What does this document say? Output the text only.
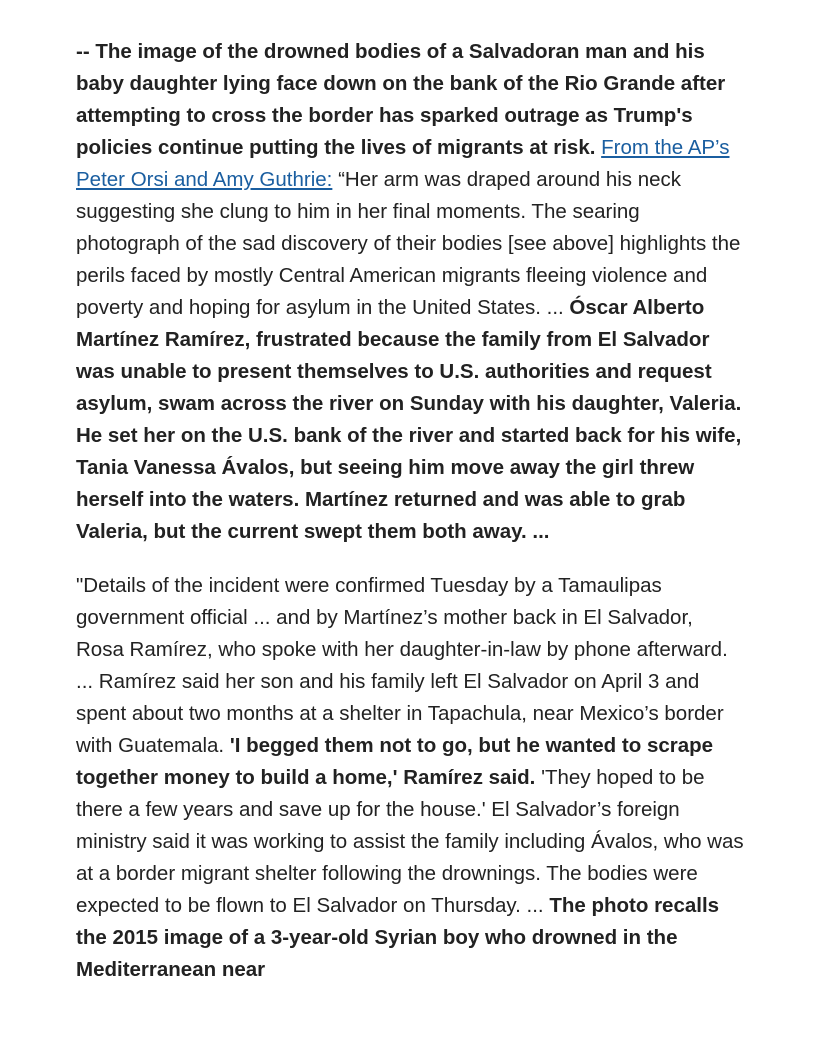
-- The image of the drowned bodies of a Salvadoran man and his baby daughter lying face down on the bank of the Rio Grande after attempting to cross the border has sparked outrage as Trump's policies continue putting the lives of migrants at risk. From the AP’s Peter Orsi and Amy Guthrie: “Her arm was draped around his neck suggesting she clung to him in her final moments. The searing photograph of the sad discovery of their bodies [see above] highlights the perils faced by mostly Central American migrants fleeing violence and poverty and hoping for asylum in the United States. ... Óscar Alberto Martínez Ramírez, frustrated because the family from El Salvador was unable to present themselves to U.S. authorities and request asylum, swam across the river on Sunday with his daughter, Valeria. He set her on the U.S. bank of the river and started back for his wife, Tania Vanessa Ávalos, but seeing him move away the girl threw herself into the waters. Martínez returned and was able to grab Valeria, but the current swept them both away. ...

"Details of the incident were confirmed Tuesday by a Tamaulipas government official ... and by Martínez’s mother back in El Salvador, Rosa Ramírez, who spoke with her daughter-in-law by phone afterward. ... Ramírez said her son and his family left El Salvador on April 3 and spent about two months at a shelter in Tapachula, near Mexico’s border with Guatemala. 'I begged them not to go, but he wanted to scrape together money to build a home,' Ramírez said. 'They hoped to be there a few years and save up for the house.' El Salvador’s foreign ministry said it was working to assist the family including Ávalos, who was at a border migrant shelter following the drownings. The bodies were expected to be flown to El Salvador on Thursday. ... The photo recalls the 2015 image of a 3-year-old Syrian boy who drowned in the Mediterranean near
